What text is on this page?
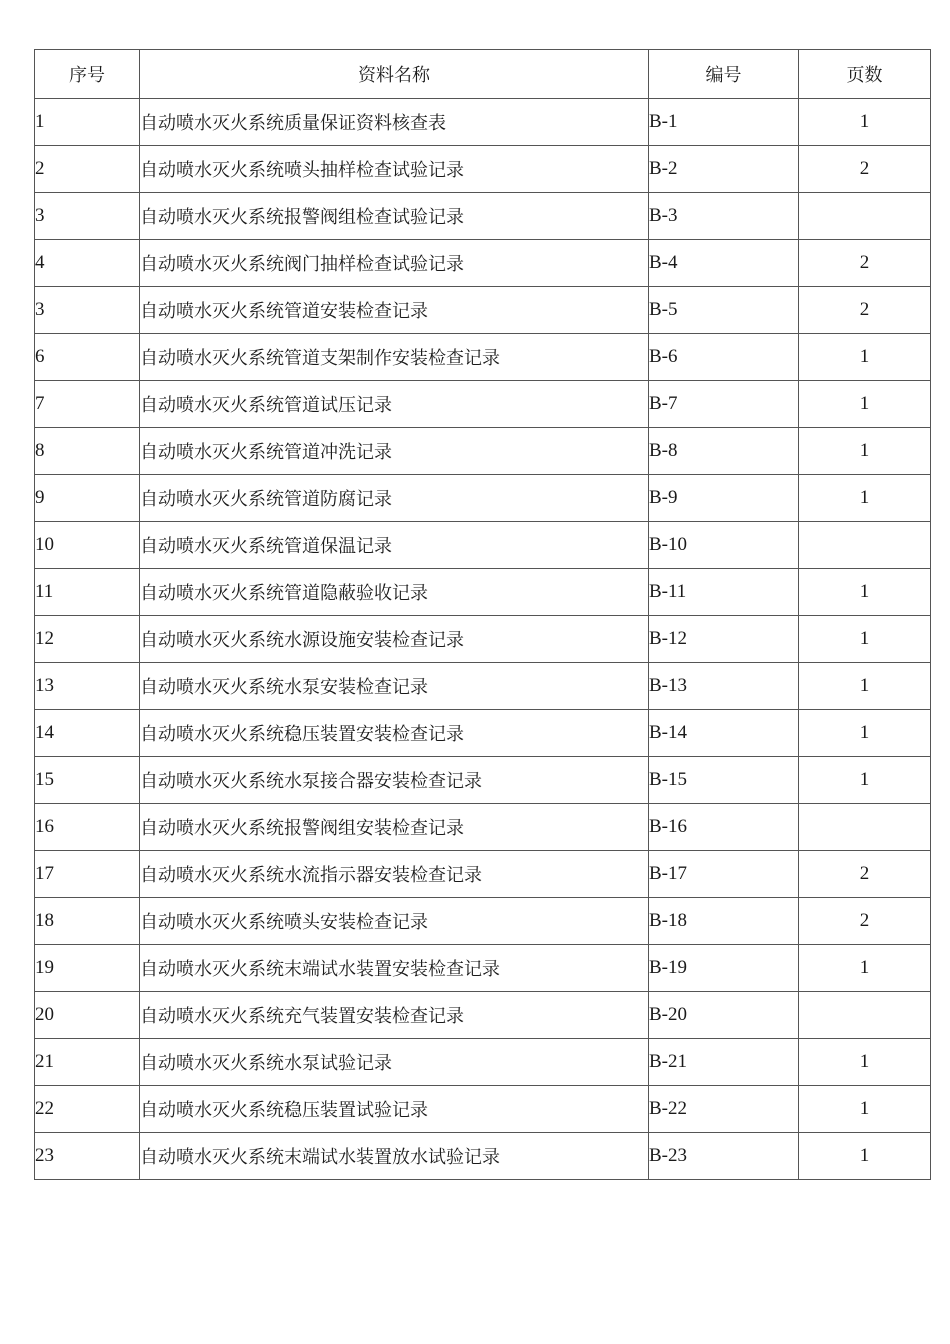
序号	资料名称	编号	页数
1	自动喷水灭火系统质量保证资料核查表	B-1	1
2	自动喷水灭火系统喷头抽样检查试验记录	B-2	2
3	自动喷水灭火系统报警阀组检查试验记录	B-3	
4	自动喷水灭火系统阀门抽样检查试验记录	B-4	2
3	自动喷水灭火系统管道安装检查记录	B-5	2
6	自动喷水灭火系统管道支架制作安装检查记录	B-6	1
7	自动喷水灭火系统管道试压记录	B-7	1
8	自动喷水灭火系统管道冲洗记录	B-8	1
9	自动喷水灭火系统管道防腐记录	B-9	1
10	自动喷水灭火系统管道保温记录	B-10	
11	自动喷水灭火系统管道隐蔽验收记录	B-11	1
12	自动喷水灭火系统水源设施安装检查记录	B-12	1
13	自动喷水灭火系统水泵安装检查记录	B-13	1
14	自动喷水灭火系统稳压装置安装检查记录	B-14	1
15	自动喷水灭火系统水泵接合器安装检查记录	B-15	1
16	自动喷水灭火系统报警阀组安装检查记录	B-16	
17	自动喷水灭火系统水流指示器安装检查记录	B-17	2
18	自动喷水灭火系统喷头安装检查记录	B-18	2
19	自动喷水灭火系统末端试水装置安装检查记录	B-19	1
20	自动喷水灭火系统充气装置安装检查记录	B-20	
21	自动喷水灭火系统水泵试验记录	B-21	1
22	自动喷水灭火系统稳压装置试验记录	B-22	1
23	自动喷水灭火系统末端试水装置放水试验记录	B-23	1
